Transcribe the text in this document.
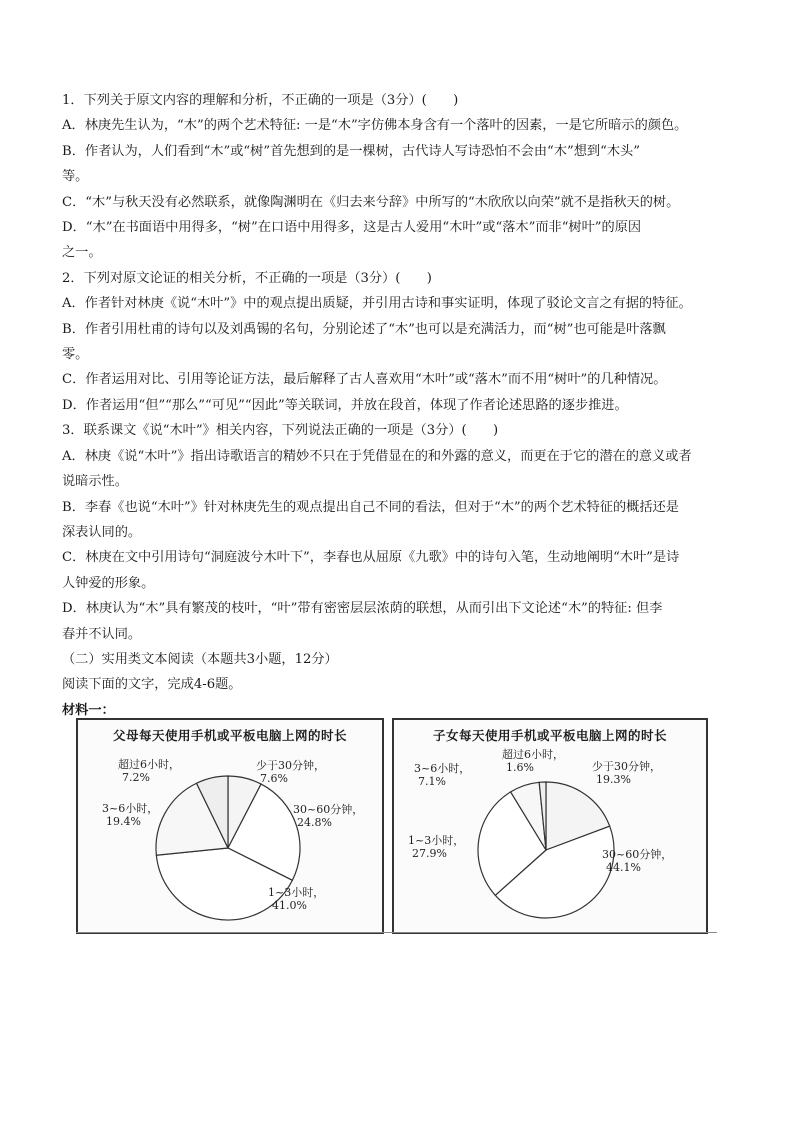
1．下列关于原文内容的理解和分析，不正确的一项是（3分）(　　)

A．林庚先生认为，“木”的两个艺术特征: 一是“木”字仿佛本身含有一个落叶的因素，一是它所暗示的颜色。

B．作者认为，人们看到“木”或“树”首先想到的是一棵树，古代诗人写诗恐怕不会由“木”想到“木头”

等。

C．“木”与秋天没有必然联系，就像陶渊明在《归去来兮辞》中所写的“木欣欣以向荣”就不是指秋天的树。

D．“木”在书面语中用得多，“树”在口语中用得多，这是古人爱用“木叶”或“落木”而非“树叶”的原因

之一。

2．下列对原文论证的相关分析，不正确的一项是（3分）(　　)

A．作者针对林庚《说“木叶”》中的观点提出质疑，并引用古诗和事实证明，体现了驳论文言之有据的特征。

B．作者引用杜甫的诗句以及刘禹锡的名句，分别论述了“木”也可以是充满活力，而“树”也可能是叶落飘

零。

C．作者运用对比、引用等论证方法，最后解释了古人喜欢用“木叶”或“落木”而不用“树叶”的几种情况。

D．作者运用“但”“那么”“可见”“因此”等关联词，并放在段首，体现了作者论述思路的逐步推进。

3．联系课文《说“木叶”》相关内容，下列说法正确的一项是（3分）(　　)

A．林庚《说“木叶”》指出诗歌语言的精妙不只在于凭借显在的和外露的意义，而更在于它的潜在的意义或者

说暗示性。

B．李春《也说“木叶”》针对林庚先生的观点提出自己不同的看法，但对于“木”的两个艺术特征的概括还是

深表认同的。

C．林庚在文中引用诗句“洞庭波兮木叶下”，李春也从屈原《九歌》中的诗句入笔，生动地阐明“木叶”是诗

人钟爱的形象。

D．林庚认为“木”具有繁茂的枝叶，“叶”带有密密层层浓荫的联想，从而引出下文论述“木”的特征: 但李

春并不认同。

（二）实用类文本阅读（本题共3小题，12分）

阅读下面的文字，完成4-6题。

材料一：

父母每天使用手机或平板电脑上网的时长
少于30分钟，
7.6%
30~60分钟，
24.8%
1~3小时，
41.0%
3~6小时，
19.4%
超过6小时，
7.2%
子女每天使用手机或平板电脑上网的时长
少于30分钟，
19.3%
30~60分钟，
44.1%
1~3小时，
27.9%
3~6小时，
7.1%
超过6小时，
1.6%
